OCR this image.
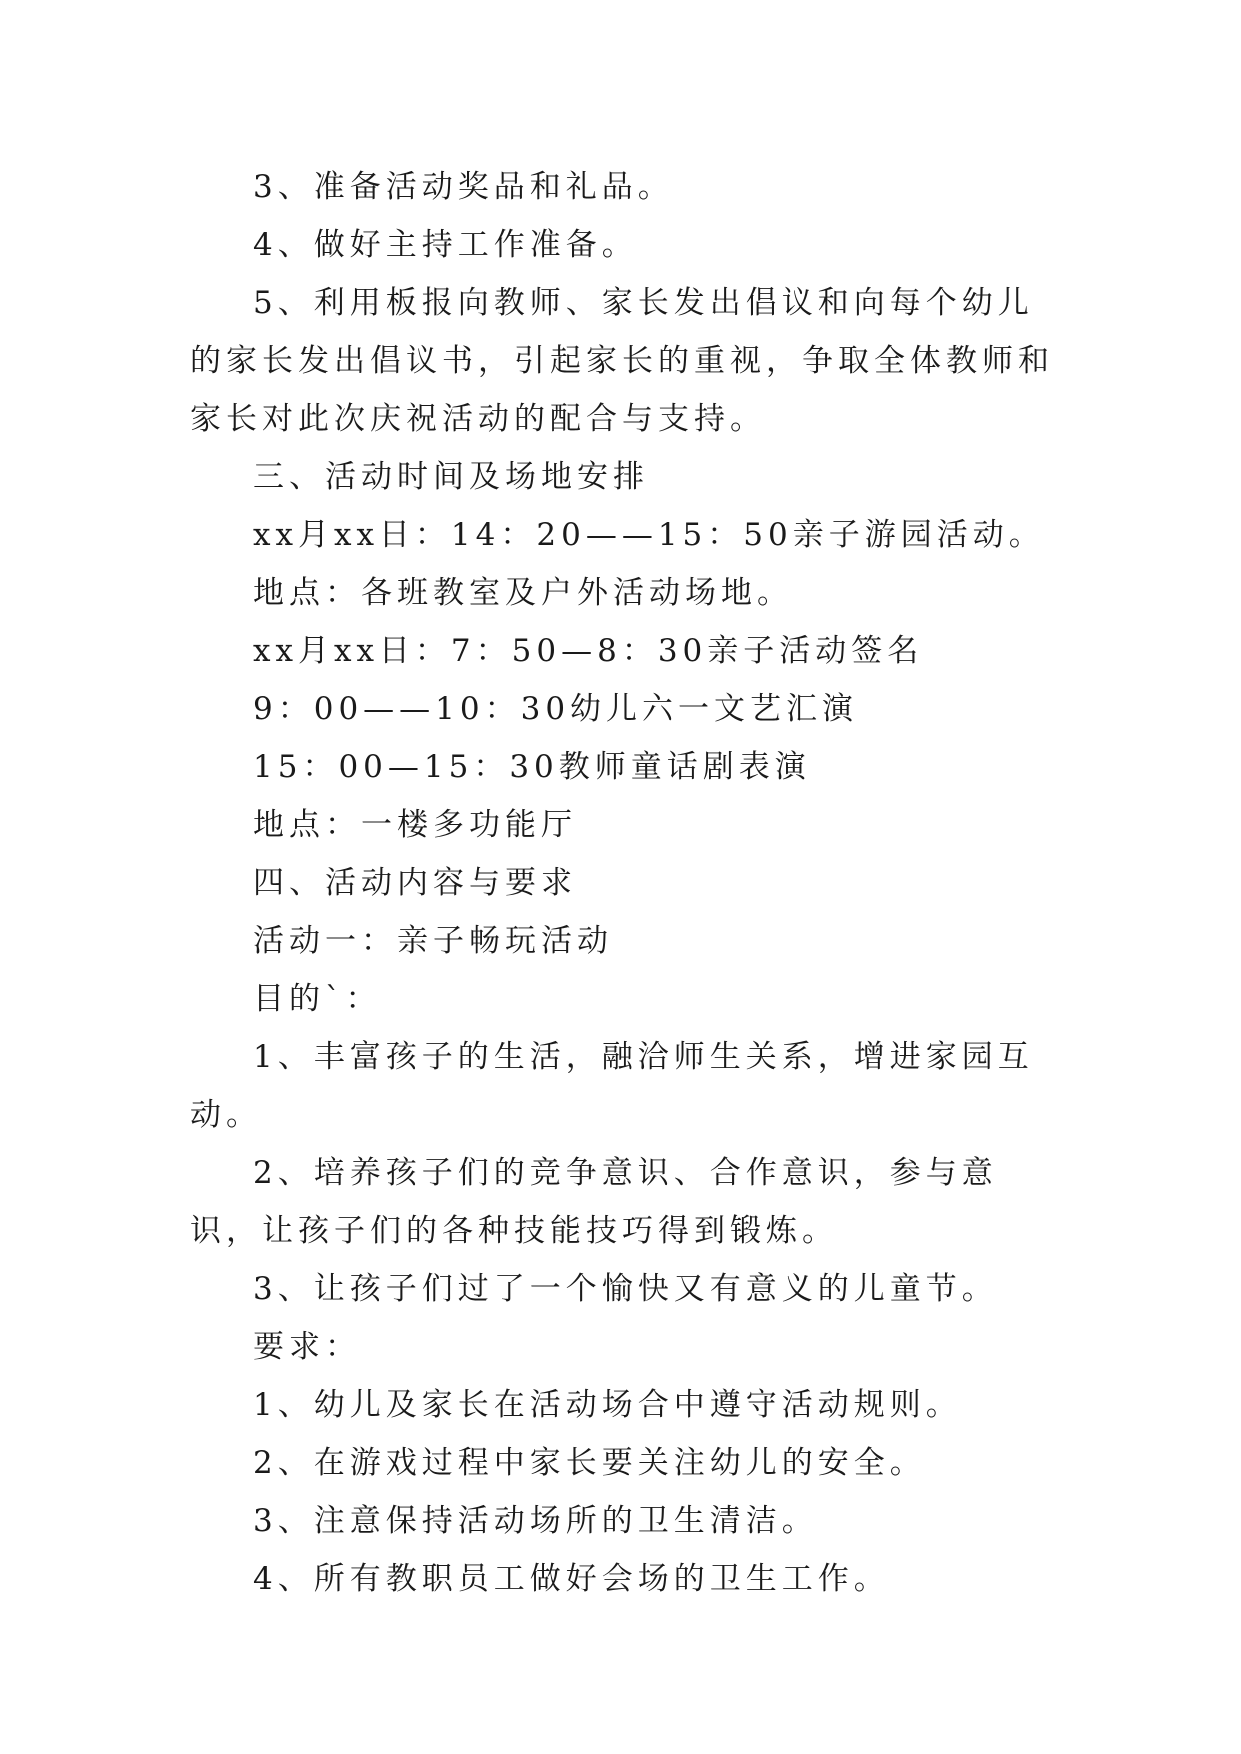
3、准备活动奖品和礼品。

4、做好主持工作准备。

5、利用板报向教师、家长发出倡议和向每个幼儿的家长发出倡议书，引起家长的重视，争取全体教师和家长对此次庆祝活动的配合与支持。

三、活动时间及场地安排

xx月xx日：14：20——15：50亲子游园活动。

地点：各班教室及户外活动场地。

xx月xx日：7：50—8：30亲子活动签名

9：00——10：30幼儿六一文艺汇演

15：00—15：30教师童话剧表演

地点：一楼多功能厅

四、活动内容与要求

活动一：亲子畅玩活动

目的`：

1、丰富孩子的生活，融洽师生关系，增进家园互动。

2、培养孩子们的竞争意识、合作意识，参与意识，让孩子们的各种技能技巧得到锻炼。

3、让孩子们过了一个愉快又有意义的儿童节。

要求：

1、幼儿及家长在活动场合中遵守活动规则。

2、在游戏过程中家长要关注幼儿的安全。

3、注意保持活动场所的卫生清洁。

4、所有教职员工做好会场的卫生工作。
